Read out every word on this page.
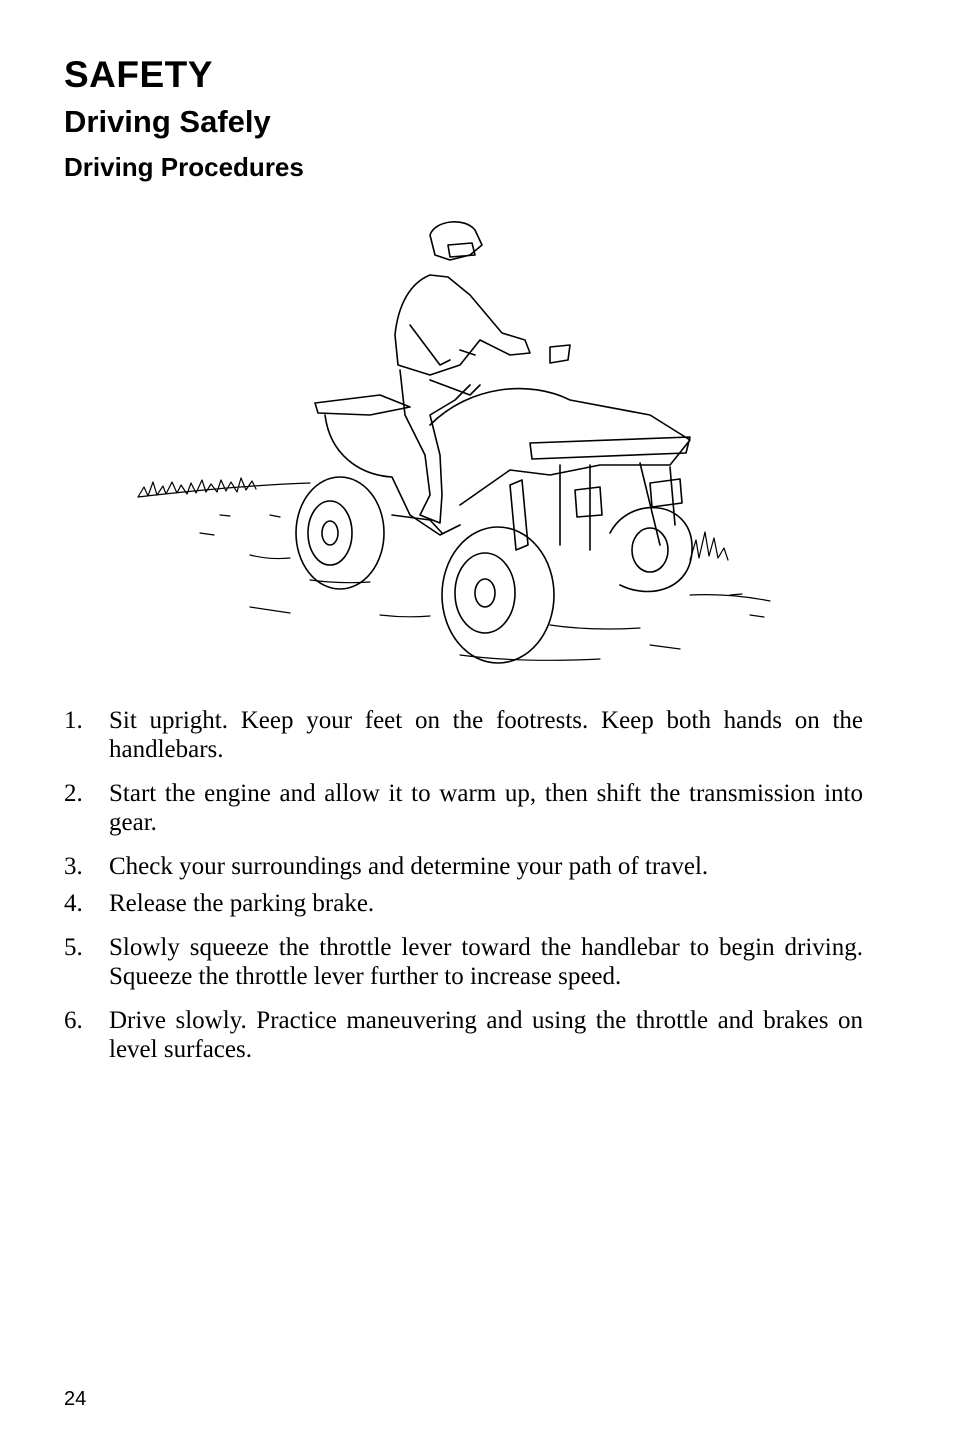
SAFETY
Driving Safely
Driving Procedures
1. Sit upright. Keep your feet on the footrests. Keep both hands on the handlebars.
2. Start the engine and allow it to warm up, then shift the transmission into gear.
3. Check your surroundings and determine your path of travel.
4. Release the parking brake.
5. Slowly squeeze the throttle lever toward the handlebar to begin driving. Squeeze the throttle lever further to increase speed.
6. Drive slowly. Practice maneuvering and using the throttle and brakes on level surfaces.
24
